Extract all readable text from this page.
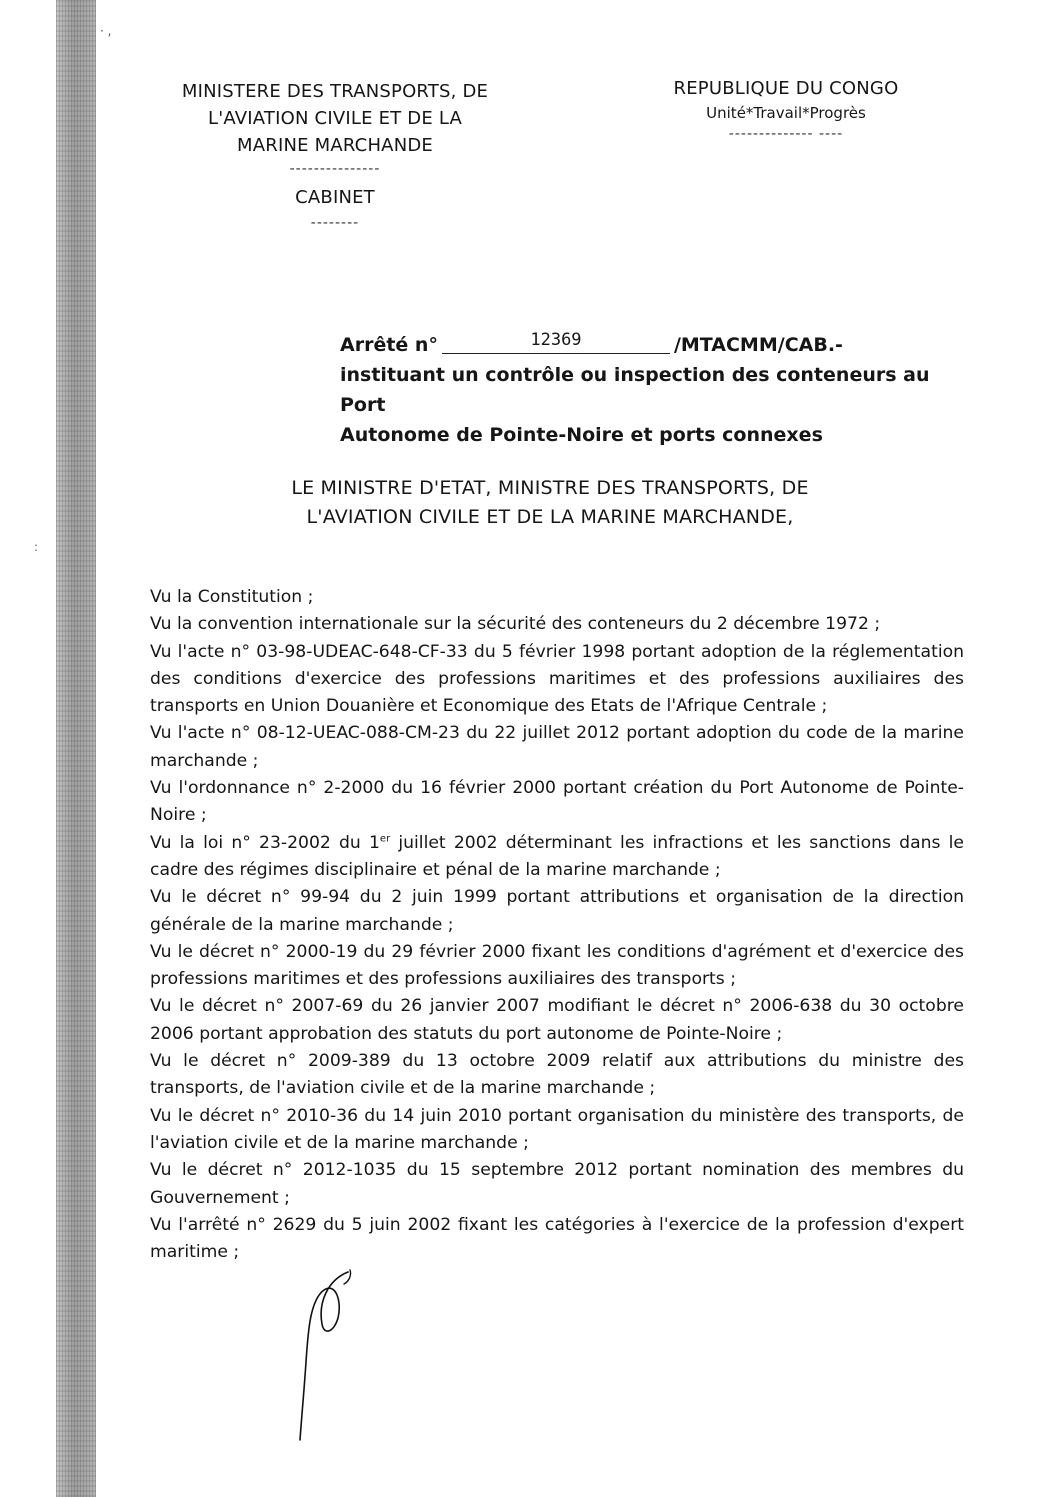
· ,
:
MINISTERE DES TRANSPORTS, DE
L'AVIATION CIVILE ET DE LA
MARINE MARCHANDE
---------------
CABINET
--------
REPUBLIQUE DU CONGO
Unité*Travail*Progrès
-------------- ----
Arrêté n°	12369	/MTACMM/CAB.-
instituant un contrôle ou inspection des conteneurs au Port
Autonome de Pointe-Noire et ports connexes
LE MINISTRE D'ETAT, MINISTRE DES TRANSPORTS, DE
L'AVIATION CIVILE ET DE LA MARINE MARCHANDE,

Vu la Constitution ;

Vu la convention internationale sur la sécurité des conteneurs du 2 décembre 1972 ;

Vu l'acte n° 03-98-UDEAC-648-CF-33 du 5 février 1998 portant adoption de la réglementation des conditions d'exercice des professions maritimes et des professions auxiliaires des transports en Union Douanière et Economique des Etats de l'Afrique Centrale ;

Vu l'acte n° 08-12-UEAC-088-CM-23 du 22 juillet 2012 portant adoption du code de la marine marchande ;

Vu l'ordonnance n° 2-2000 du 16 février 2000 portant création du Port Autonome de Pointe-Noire ;

Vu la loi n° 23-2002 du 1er juillet 2002 déterminant les infractions et les sanctions dans le cadre des régimes disciplinaire et pénal de la marine marchande ;

Vu le décret n° 99-94 du 2 juin 1999 portant attributions et organisation de la direction générale de la marine marchande ;

Vu le décret n° 2000-19 du 29 février 2000 fixant les conditions d'agrément et d'exercice des professions maritimes et des professions auxiliaires des transports ;

Vu le décret n° 2007-69 du 26 janvier 2007 modifiant le décret n° 2006-638 du 30 octobre 2006 portant approbation des statuts du port autonome de Pointe-Noire ;

Vu le décret n° 2009-389 du 13 octobre 2009 relatif aux attributions du ministre des transports, de l'aviation civile et de la marine marchande ;

Vu le décret n° 2010-36 du 14 juin 2010 portant organisation du ministère des transports, de l'aviation civile et de la marine marchande ;

Vu le décret n° 2012-1035 du 15 septembre 2012 portant nomination des membres du Gouvernement ;

Vu l'arrêté n° 2629 du 5 juin 2002 fixant les catégories à l'exercice de la profession d'expert maritime ;
